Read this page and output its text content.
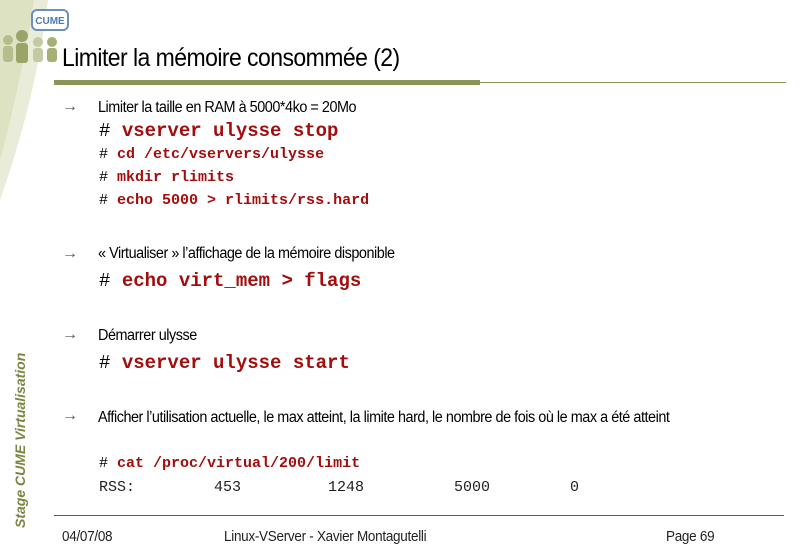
CUME
Limiter la mémoire consommée (2)
Stage CUME Virtualisation
→ Limiter la taille en RAM à 5000*4ko = 20Mo
# vserver ulysse stop
# cd /etc/vservers/ulysse
# mkdir rlimits
# echo 5000 > rlimits/rss.hard
→ « Virtualiser » l’affichage de la mémoire disponible
# echo virt_mem > flags
→ Démarrer ulysse
# vserver ulysse start
→ Afficher l’utilisation actuelle, le max atteint, la limite hard, le nombre de fois où le max a été atteint
# cat /proc/virtual/200/limit
RSS:	453	1248	5000	0
04/07/08	Linux-VServer - Xavier Montagutelli	Page 69
